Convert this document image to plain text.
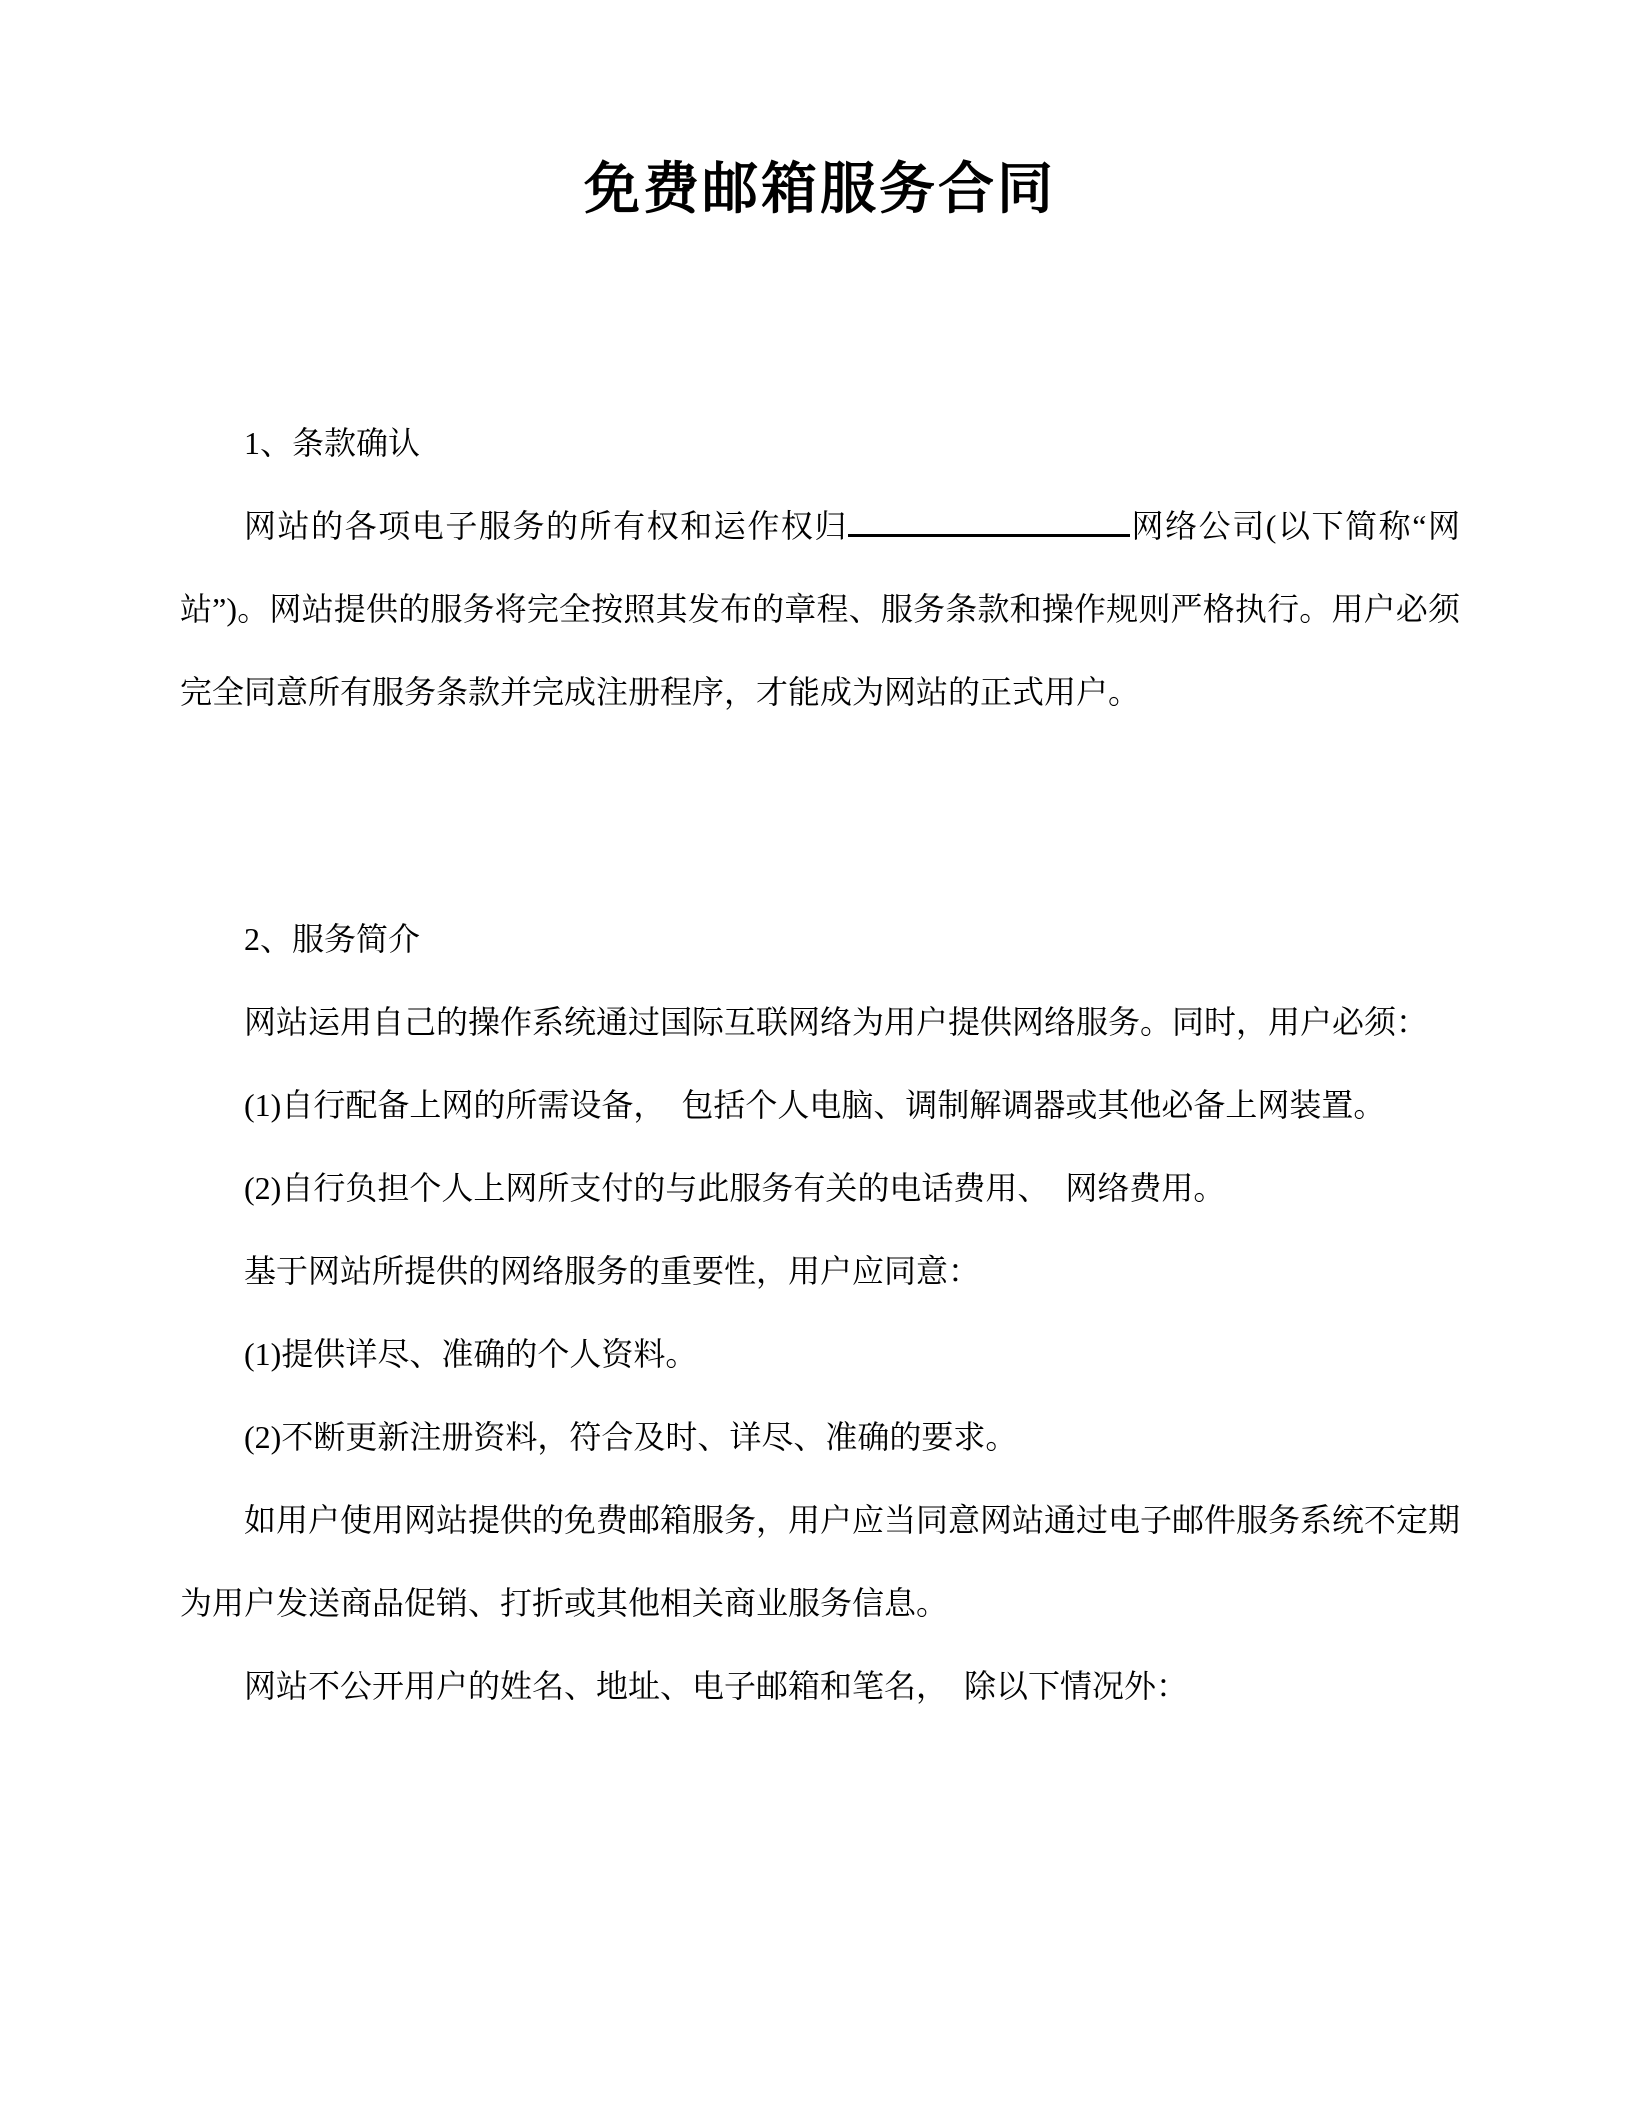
免费邮箱服务合同

1、条款确认

网站的各项电子服务的所有权和运作权归	网络公司(以下简称“网站”)。网站提供的服务将完全按照其发布的章程、服务条款和操作规则严格执行。用户必须完全同意所有服务条款并完成注册程序，才能成为网站的正式用户。

2、服务简介

网站运用自己的操作系统通过国际互联网络为用户提供网络服务。同时，用户必须：

(1)自行配备上网的所需设备，　包括个人电脑、调制解调器或其他必备上网装置。

(2)自行负担个人上网所支付的与此服务有关的电话费用、　网络费用。

基于网站所提供的网络服务的重要性，用户应同意：

(1)提供详尽、准确的个人资料。

(2)不断更新注册资料，符合及时、详尽、准确的要求。

如用户使用网站提供的免费邮箱服务，用户应当同意网站通过电子邮件服务系统不定期为用户发送商品促销、打折或其他相关商业服务信息。

网站不公开用户的姓名、地址、电子邮箱和笔名，　除以下情况外：
